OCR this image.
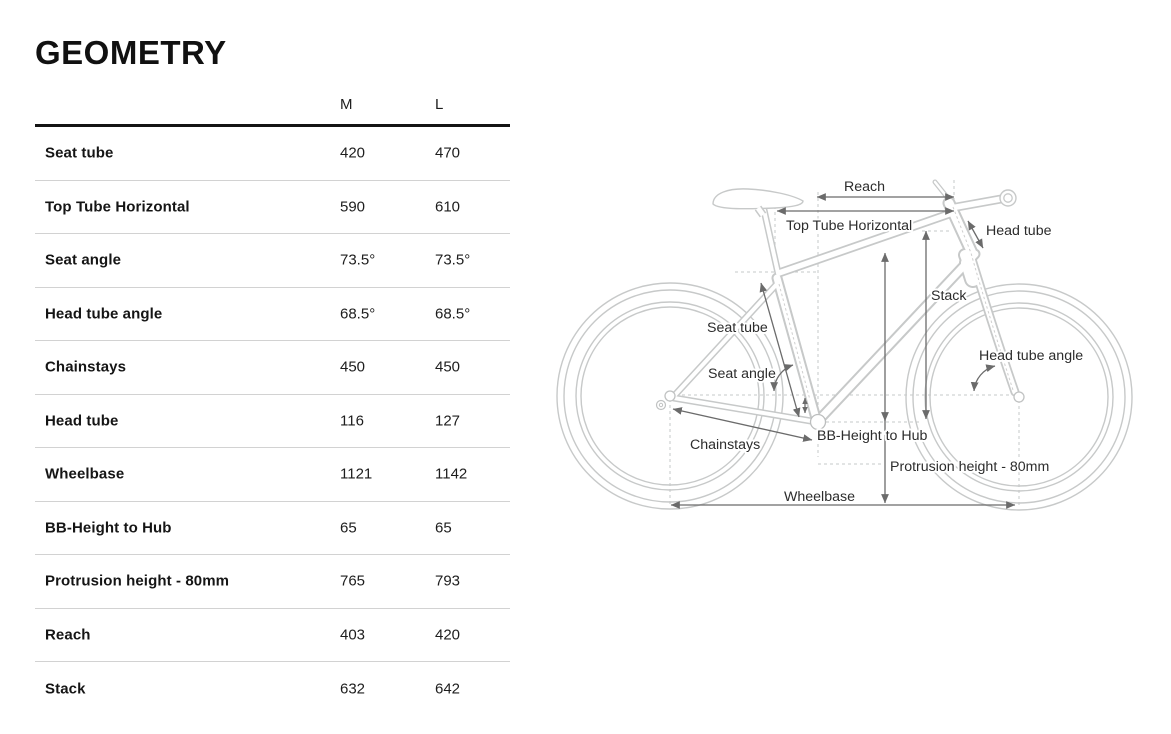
GEOMETRY
M	L
Seat tube	420	470
Top Tube Horizontal	590	610
Seat angle	73.5°	73.5°
Head tube angle	68.5°	68.5°
Chainstays	450	450
Head tube	116	127
Wheelbase	1121	1142
BB-Height to Hub	65	65
Protrusion height - 80mm	765	793
Reach	403	420
Stack	632	642
Reach
Top Tube Horizontal	Head tube
Stack
Seat tube
Seat angle
Head tube angle
Chainstays
BB-Height to Hub
Protrusion height - 80mm
Wheelbase
